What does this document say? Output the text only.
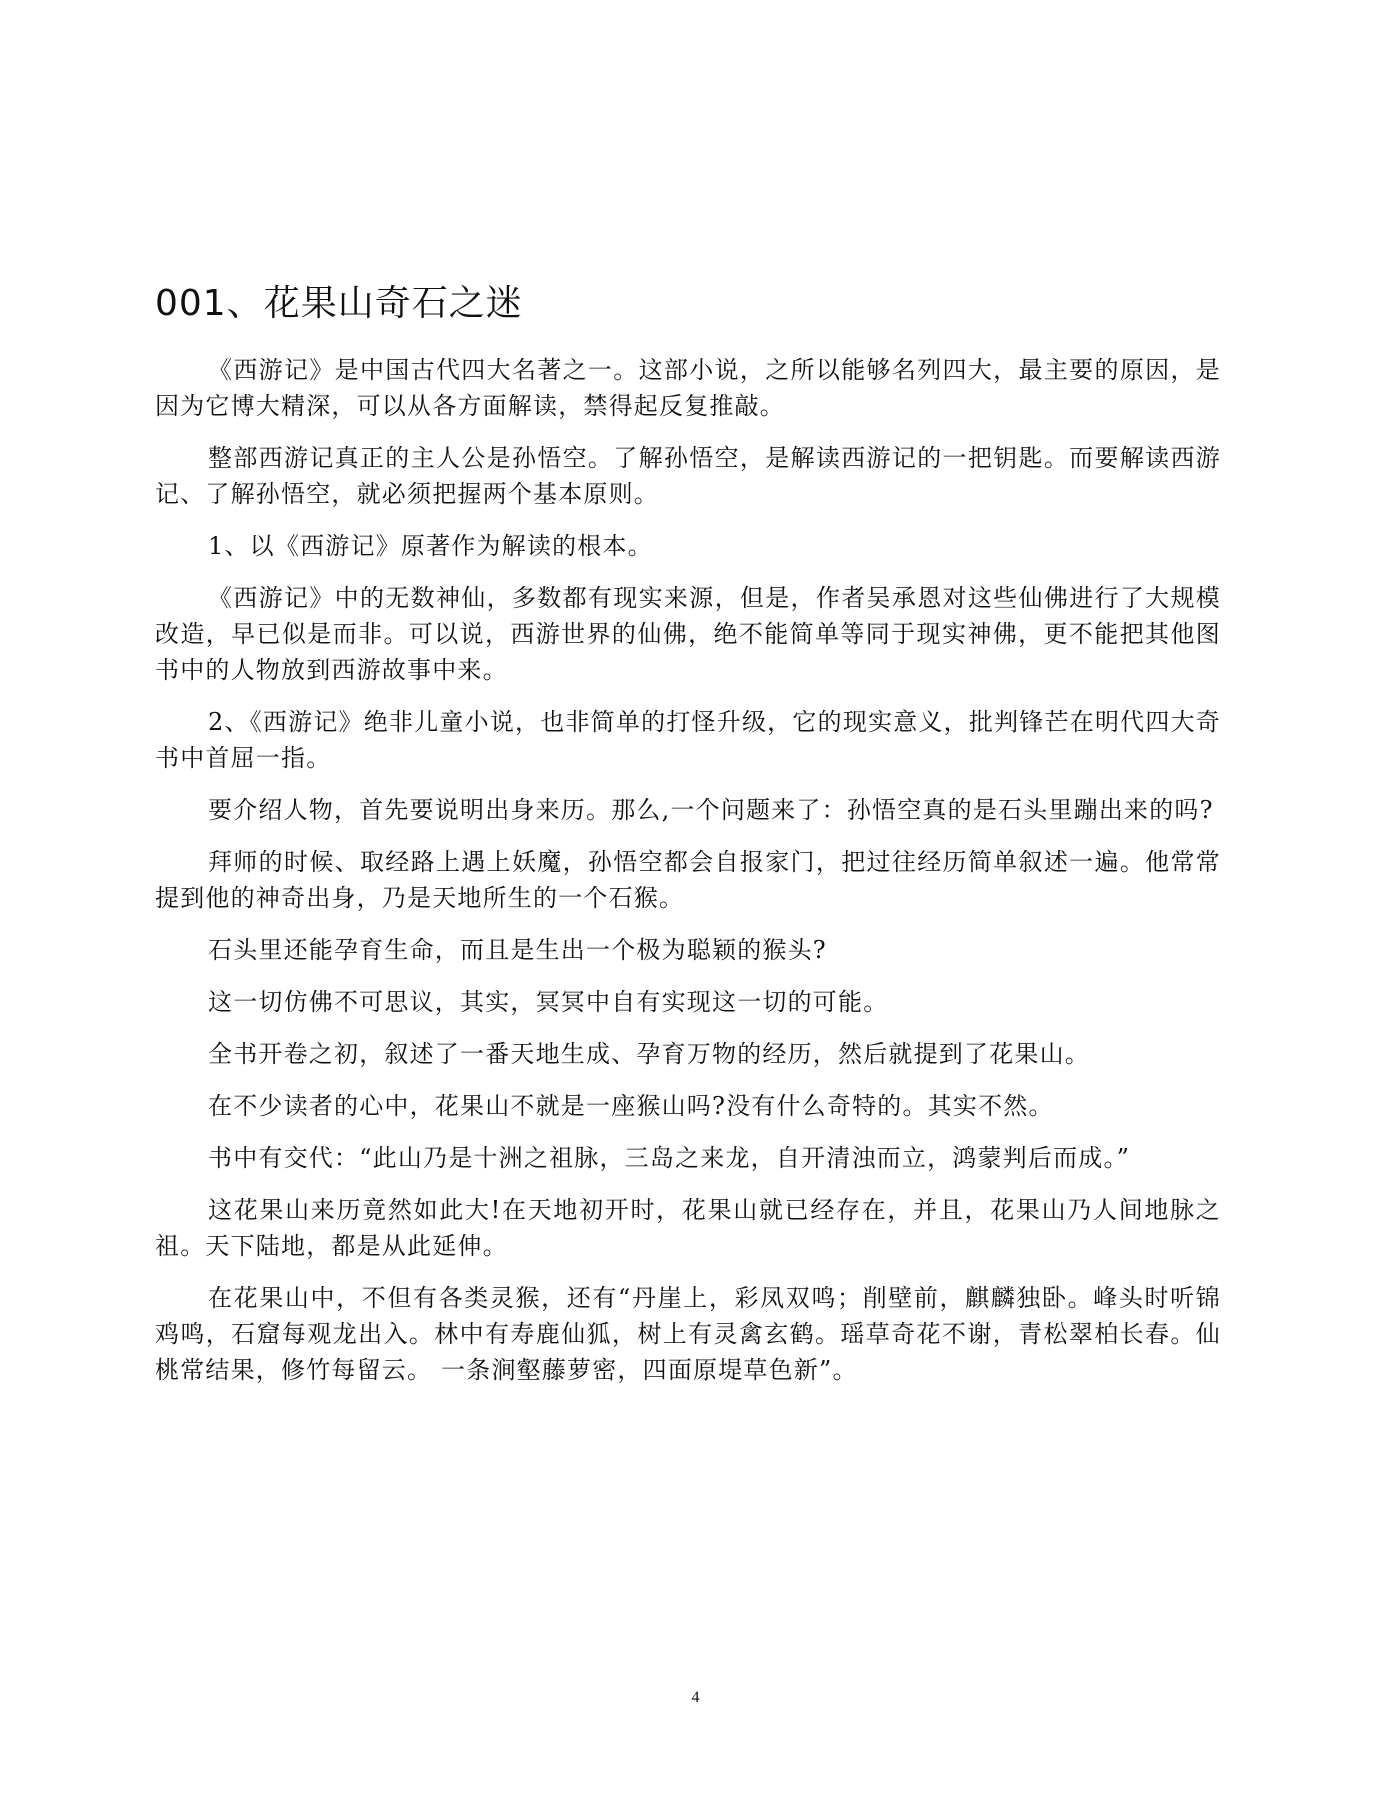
001、花果山奇石之迷

《西游记》是中国古代四大名著之一。这部小说，之所以能够名列四大，最主要的原因，是因为它博大精深，可以从各方面解读，禁得起反复推敲。

整部西游记真正的主人公是孙悟空。了解孙悟空，是解读西游记的一把钥匙。而要解读西游记、了解孙悟空，就必须把握两个基本原则。

1、以《西游记》原著作为解读的根本。

《西游记》中的无数神仙，多数都有现实来源，但是，作者吴承恩对这些仙佛进行了大规模改造，早已似是而非。可以说，西游世界的仙佛，绝不能简单等同于现实神佛，更不能把其他图书中的人物放到西游故事中来。

2、《西游记》绝非儿童小说，也非简单的打怪升级，它的现实意义，批判锋芒在明代四大奇书中首屈一指。

要介绍人物，首先要说明出身来历。那么,一个问题来了：孙悟空真的是石头里蹦出来的吗?

拜师的时候、取经路上遇上妖魔，孙悟空都会自报家门，把过往经历简单叙述一遍。他常常提到他的神奇出身，乃是天地所生的一个石猴。

石头里还能孕育生命，而且是生出一个极为聪颖的猴头?

这一切仿佛不可思议，其实，冥冥中自有实现这一切的可能。

全书开卷之初，叙述了一番天地生成、孕育万物的经历，然后就提到了花果山。

在不少读者的心中，花果山不就是一座猴山吗?没有什么奇特的。其实不然。

书中有交代：“此山乃是十洲之祖脉，三岛之来龙，自开清浊而立，鸿蒙判后而成。”

这花果山来历竟然如此大!在天地初开时，花果山就已经存在，并且，花果山乃人间地脉之祖。天下陆地，都是从此延伸。

在花果山中，不但有各类灵猴，还有“丹崖上，彩凤双鸣；削壁前，麒麟独卧。峰头时听锦鸡鸣，石窟每观龙出入。林中有寿鹿仙狐，树上有灵禽玄鹤。瑶草奇花不谢，青松翠柏长春。仙桃常结果，修竹每留云。 一条涧壑藤萝密，四面原堤草色新”。

4
